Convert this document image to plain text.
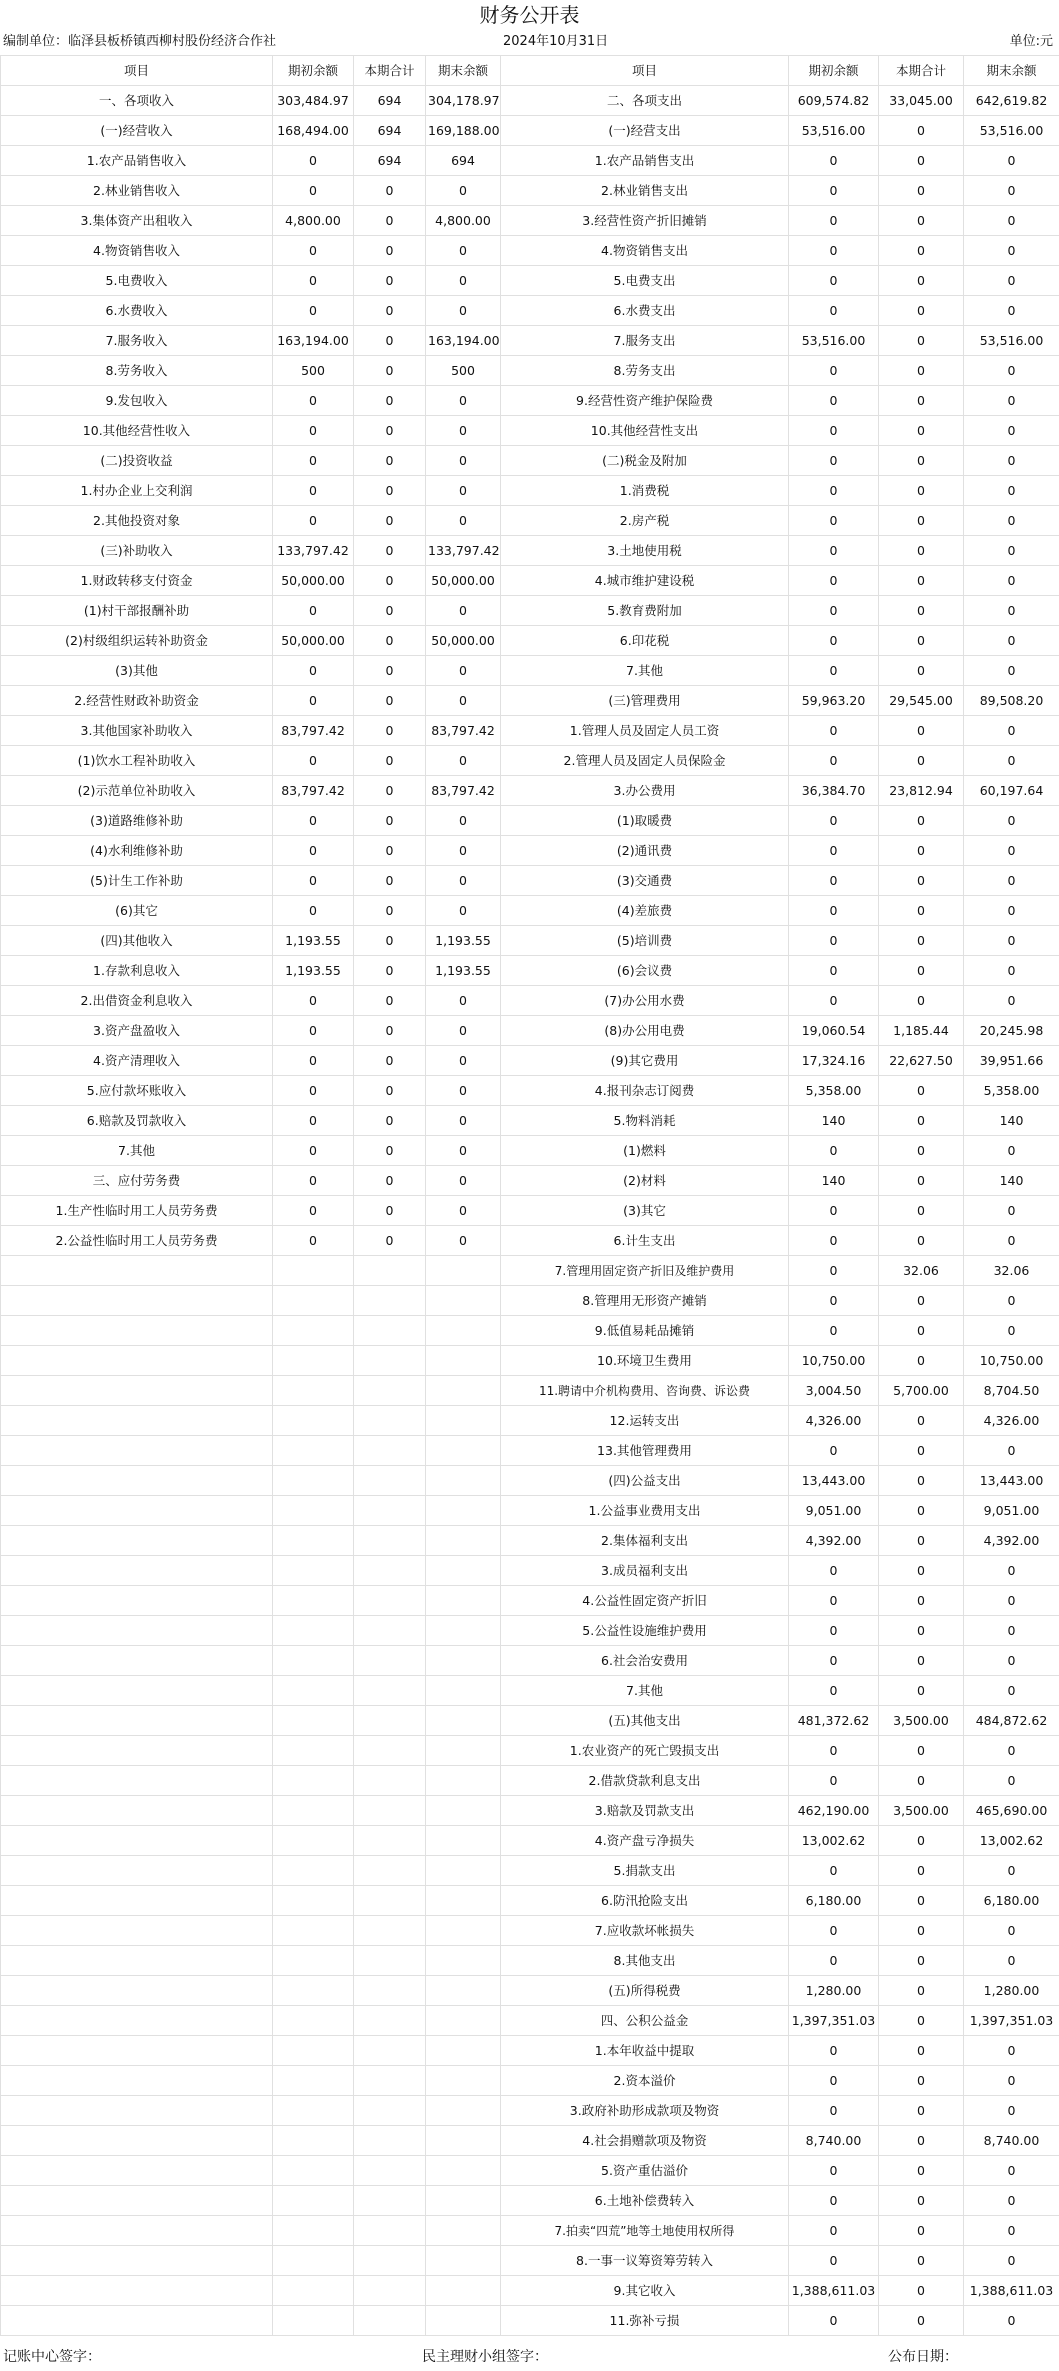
财务公开表
编制单位：临泽县板桥镇西柳村股份经济合作社	2024年10月31日	单位:元
项目	期初余额	本期合计	期末余额	项目	期初余额	本期合计	期末余额
一、各项收入	303,484.97	694	304,178.97	二、各项支出	609,574.82	33,045.00	642,619.82
(一)经营收入	168,494.00	694	169,188.00	(一)经营支出	53,516.00	0	53,516.00
1.农产品销售收入	0	694	694	1.农产品销售支出	0	0	0
2.林业销售收入	0	0	0	2.林业销售支出	0	0	0
3.集体资产出租收入	4,800.00	0	4,800.00	3.经营性资产折旧摊销	0	0	0
4.物资销售收入	0	0	0	4.物资销售支出	0	0	0
5.电费收入	0	0	0	5.电费支出	0	0	0
6.水费收入	0	0	0	6.水费支出	0	0	0
7.服务收入	163,194.00	0	163,194.00	7.服务支出	53,516.00	0	53,516.00
8.劳务收入	500	0	500	8.劳务支出	0	0	0
9.发包收入	0	0	0	9.经营性资产维护保险费	0	0	0
10.其他经营性收入	0	0	0	10.其他经营性支出	0	0	0
(二)投资收益	0	0	0	(二)税金及附加	0	0	0
1.村办企业上交利润	0	0	0	1.消费税	0	0	0
2.其他投资对象	0	0	0	2.房产税	0	0	0
(三)补助收入	133,797.42	0	133,797.42	3.土地使用税	0	0	0
1.财政转移支付资金	50,000.00	0	50,000.00	4.城市维护建设税	0	0	0
(1)村干部报酬补助	0	0	0	5.教育费附加	0	0	0
(2)村级组织运转补助资金	50,000.00	0	50,000.00	6.印花税	0	0	0
(3)其他	0	0	0	7.其他	0	0	0
2.经营性财政补助资金	0	0	0	(三)管理费用	59,963.20	29,545.00	89,508.20
3.其他国家补助收入	83,797.42	0	83,797.42	1.管理人员及固定人员工资	0	0	0
(1)饮水工程补助收入	0	0	0	2.管理人员及固定人员保险金	0	0	0
(2)示范单位补助收入	83,797.42	0	83,797.42	3.办公费用	36,384.70	23,812.94	60,197.64
(3)道路维修补助	0	0	0	(1)取暖费	0	0	0
(4)水利维修补助	0	0	0	(2)通讯费	0	0	0
(5)计生工作补助	0	0	0	(3)交通费	0	0	0
(6)其它	0	0	0	(4)差旅费	0	0	0
(四)其他收入	1,193.55	0	1,193.55	(5)培训费	0	0	0
1.存款利息收入	1,193.55	0	1,193.55	(6)会议费	0	0	0
2.出借资金利息收入	0	0	0	(7)办公用水费	0	0	0
3.资产盘盈收入	0	0	0	(8)办公用电费	19,060.54	1,185.44	20,245.98
4.资产清理收入	0	0	0	(9)其它费用	17,324.16	22,627.50	39,951.66
5.应付款坏账收入	0	0	0	4.报刊杂志订阅费	5,358.00	0	5,358.00
6.赔款及罚款收入	0	0	0	5.物料消耗	140	0	140
7.其他	0	0	0	(1)燃料	0	0	0
三、应付劳务费	0	0	0	(2)材料	140	0	140
1.生产性临时用工人员劳务费	0	0	0	(3)其它	0	0	0
2.公益性临时用工人员劳务费	0	0	0	6.计生支出	0	0	0
				7.管理用固定资产折旧及维护费用	0	32.06	32.06
				8.管理用无形资产摊销	0	0	0
				9.低值易耗品摊销	0	0	0
				10.环境卫生费用	10,750.00	0	10,750.00
				11.聘请中介机构费用、咨询费、诉讼费	3,004.50	5,700.00	8,704.50
				12.运转支出	4,326.00	0	4,326.00
				13.其他管理费用	0	0	0
				(四)公益支出	13,443.00	0	13,443.00
				1.公益事业费用支出	9,051.00	0	9,051.00
				2.集体福利支出	4,392.00	0	4,392.00
				3.成员福利支出	0	0	0
				4.公益性固定资产折旧	0	0	0
				5.公益性设施维护费用	0	0	0
				6.社会治安费用	0	0	0
				7.其他	0	0	0
				(五)其他支出	481,372.62	3,500.00	484,872.62
				1.农业资产的死亡毁损支出	0	0	0
				2.借款贷款利息支出	0	0	0
				3.赔款及罚款支出	462,190.00	3,500.00	465,690.00
				4.资产盘亏净损失	13,002.62	0	13,002.62
				5.捐款支出	0	0	0
				6.防汛抢险支出	6,180.00	0	6,180.00
				7.应收款坏帐损失	0	0	0
				8.其他支出	0	0	0
				(五)所得税费	1,280.00	0	1,280.00
				四、公积公益金	1,397,351.03	0	1,397,351.03
				1.本年收益中提取	0	0	0
				2.资本溢价	0	0	0
				3.政府补助形成款项及物资	0	0	0
				4.社会捐赠款项及物资	8,740.00	0	8,740.00
				5.资产重估溢价	0	0	0
				6.土地补偿费转入	0	0	0
				7.拍卖“四荒”地等土地使用权所得	0	0	0
				8.一事一议筹资筹劳转入	0	0	0
				9.其它收入	1,388,611.03	0	1,388,611.03
				11.弥补亏损	0	0	0
记账中心签字：	民主理财小组签字：	公布日期：
